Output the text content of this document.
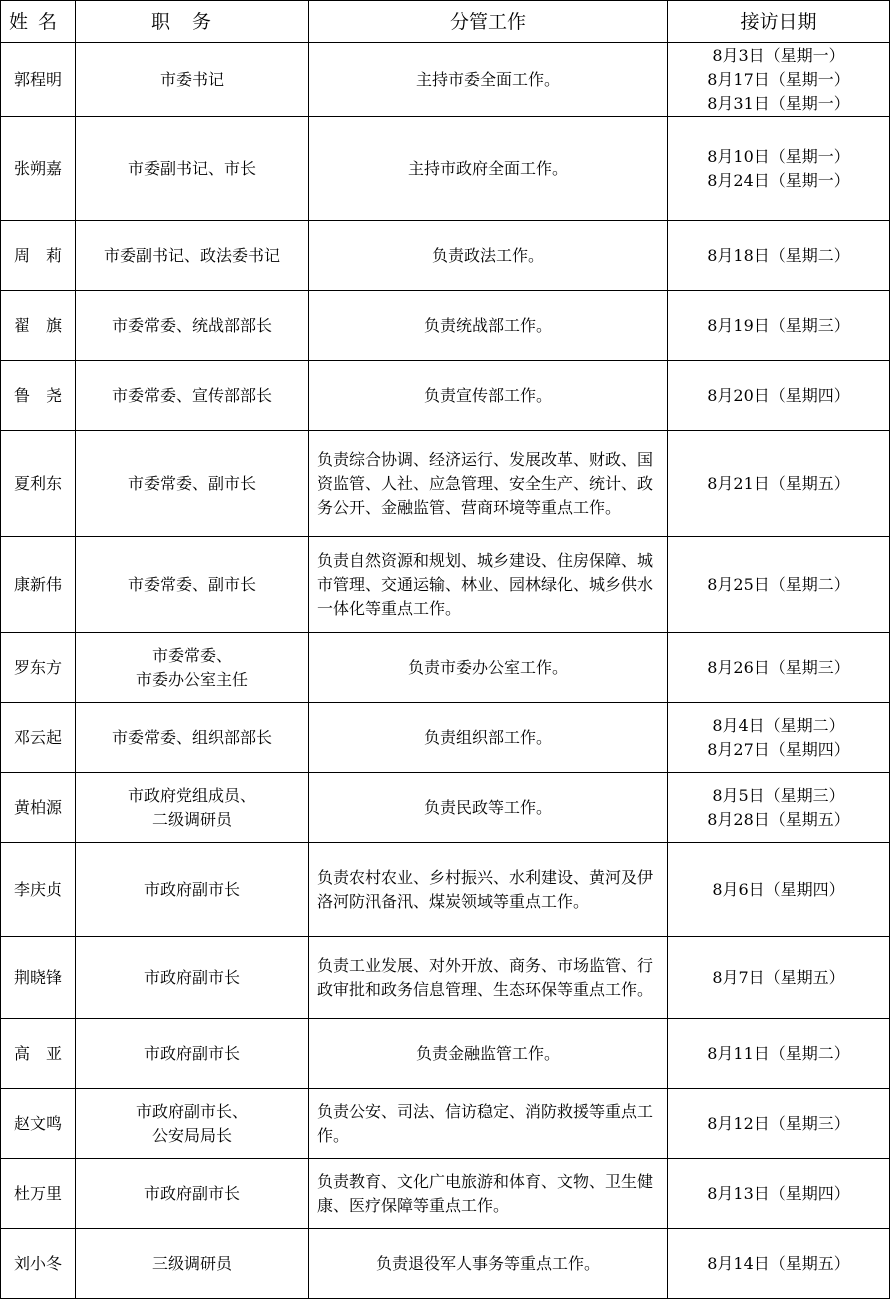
姓名	职务	分管工作	接访日期
郭程明	市委书记	主持市委全面工作。	8月3日（星期一）
8月17日（星期一）
8月31日（星期一）

张朔嘉	市委副书记、市长	主持市政府全面工作。	8月10日（星期一）
8月24日（星期一）

周　莉	市委副书记、政法委书记	负责政法工作。	8月18日（星期二）

翟　旗	市委常委、统战部部长	负责统战部工作。	8月19日（星期三）

鲁　尧	市委常委、宣传部部长	负责宣传部工作。	8月20日（星期四）

夏利东	市委常委、副市长	负责综合协调、经济运行、发展改革、财政、国资监管、人社、应急管理、安全生产、统计、政务公开、金融监管、营商环境等重点工作。	8月21日（星期五）

康新伟	市委常委、副市长	负责自然资源和规划、城乡建设、住房保障、城市管理、交通运输、林业、园林绿化、城乡供水一体化等重点工作。	8月25日（星期二）

罗东方	市委常委、
市委办公室主任	负责市委办公室工作。	8月26日（星期三）

邓云起	市委常委、组织部部长	负责组织部工作。	8月4日（星期二）
8月27日（星期四）

黄柏源	市政府党组成员、
二级调研员	负责民政等工作。	8月5日（星期三）
8月28日（星期五）

李庆贞	市政府副市长	负责农村农业、乡村振兴、水利建设、黄河及伊洛河防汛备汛、煤炭领域等重点工作。	8月6日（星期四）

荆晓锋	市政府副市长	负责工业发展、对外开放、商务、市场监管、行政审批和政务信息管理、生态环保等重点工作。	8月7日（星期五）

高　亚	市政府副市长	负责金融监管工作。	8月11日（星期二）

赵文鸣	市政府副市长、
公安局局长	负责公安、司法、信访稳定、消防救援等重点工作。	8月12日（星期三）

杜万里	市政府副市长	负责教育、文化广电旅游和体育、文物、卫生健康、医疗保障等重点工作。	8月13日（星期四）

刘小冬	三级调研员	负责退役军人事务等重点工作。	8月14日（星期五）
